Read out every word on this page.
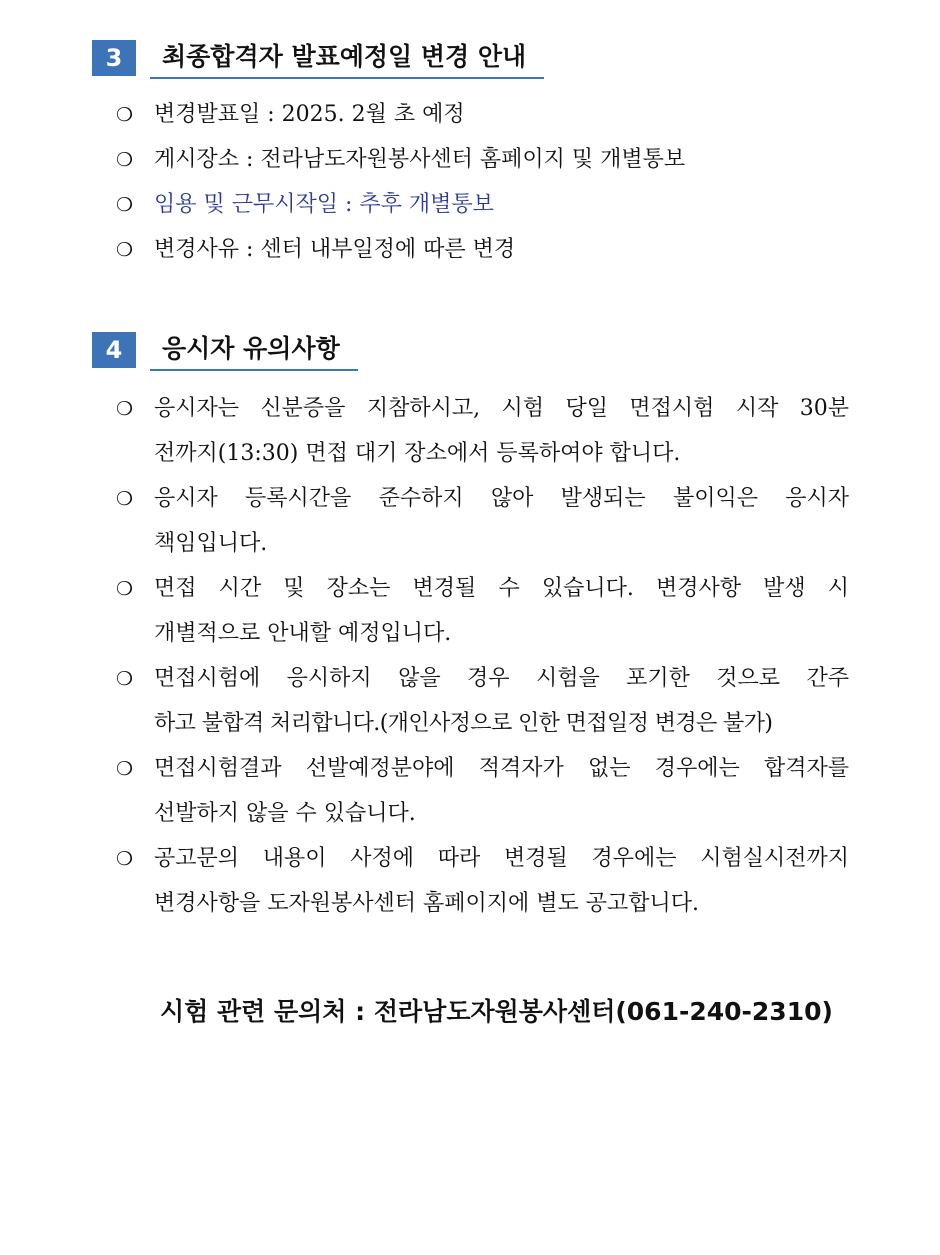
3	최종합격자 발표예정일 변경 안내
❍ 변경발표일 : 2025. 2월 초 예정
❍ 게시장소 : 전라남도자원봉사센터 홈페이지 및 개별통보
❍ 임용 및 근무시작일 : 추후 개별통보
❍ 변경사유 : 센터 내부일정에 따른 변경
4	응시자 유의사항
❍ 응시자는 신분증을 지참하시고, 시험 당일 면접시험 시작 30분
전까지(13:30) 면접 대기 장소에서 등록하여야 합니다.
❍ 응시자 등록시간을 준수하지 않아 발생되는 불이익은 응시자
책임입니다.
❍ 면접 시간 및 장소는 변경될 수 있습니다. 변경사항 발생 시
개별적으로 안내할 예정입니다.
❍ 면접시험에 응시하지 않을 경우 시험을 포기한 것으로 간주
하고 불합격 처리합니다.(개인사정으로 인한 면접일정 변경은 불가)
❍ 면접시험결과 선발예정분야에 적격자가 없는 경우에는 합격자를
선발하지 않을 수 있습니다.
❍ 공고문의 내용이 사정에 따라 변경될 경우에는 시험실시전까지
변경사항을 도자원봉사센터 홈페이지에 별도 공고합니다.
시험 관련 문의처 : 전라남도자원봉사센터(061-240-2310)
